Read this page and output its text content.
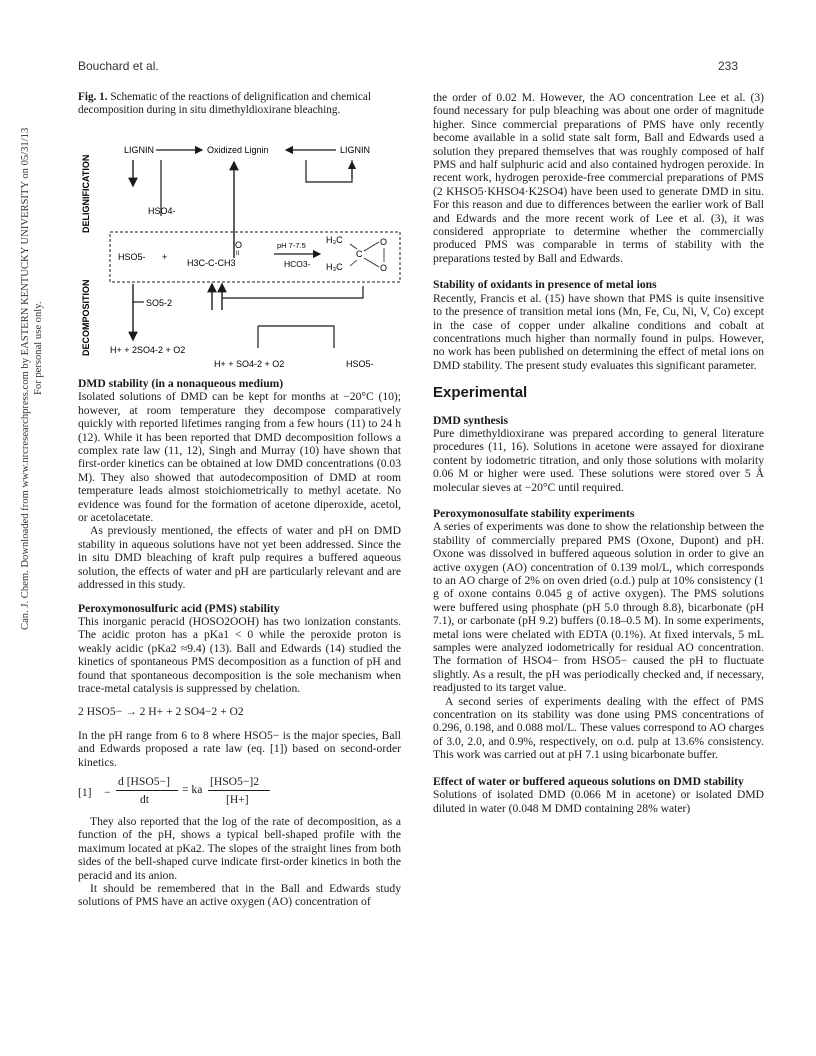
Bouchard et al.	233
Can. J. Chem. Downloaded from www.nrcresearchpress.com by EASTERN KENTUCKY UNIVERSITY on 05/31/13 For personal use only.
Fig. 1. Schematic of the reactions of delignification and chemical decomposition during in situ dimethyldioxirane bleaching.
DELIGNIFICATION
DECOMPOSITION
LIGNIN	Oxidized Lignin	LIGNIN
HSO4-
HSO5- +
O
II
H3C-C-CH3
pH 7-7.5
HCO3-
H₃C
H₃C
C
O
O
SO5-2
H+ + 2SO4-2 + O2
H+ + SO4-2 + O2	HSO5-

DMD stability (in a nonaqueous medium)

Isolated solutions of DMD can be kept for months at −20°C (10); however, at room temperature they decompose comparatively quickly with reported lifetimes ranging from a few hours (11) to 24 h (12). While it has been reported that DMD decomposition follows a complex rate law (11, 12), Singh and Murray (10) have shown that first-order kinetics can be obtained at low DMD concentrations (0.03 M). They also showed that autodecomposition of DMD at room temperature leads almost stoichiometrically to methyl acetate. No evidence was found for the formation of acetone diperoxide, acetol, or acetolacetate.

As previously mentioned, the effects of water and pH on DMD stability in aqueous solutions have not yet been addressed. Since the in situ DMD bleaching of kraft pulp requires a buffered aqueous solution, the effects of water and pH are particularly relevant and are addressed in this study.

Peroxymonosulfuric acid (PMS) stability

This inorganic peracid (HOSO2OOH) has two ionization constants. The acidic proton has a pKa1 < 0 while the peroxide proton is weakly acidic (pKa2 ≈9.4) (13). Ball and Edwards (14) studied the kinetics of spontaneous PMS decomposition as a function of pH and found that spontaneous decomposition is the sole mechanism when trace-metal catalysis is suppressed by chelation.

2 HSO5− → 2 H+ + 2 SO4−2 + O2

In the pH range from 6 to 8 where HSO5− is the major species, Ball and Edwards proposed a rate law (eq. [1]) based on second-order kinetics.

[1] −
d [HSO5−]
dt
= ka
[HSO5−]2
[H+]

They also reported that the log of the rate of decomposition, as a function of the pH, shows a typical bell-shaped profile with the maximum located at pKa2. The slopes of the straight lines from both sides of the bell-shaped curve indicate first-order kinetics in both the peracid and its anion.

It should be remembered that in the Ball and Edwards study solutions of PMS have an active oxygen (AO) concentration of

the order of 0.02 M. However, the AO concentration Lee et al. (3) found necessary for pulp bleaching was about one order of magnitude higher. Since commercial preparations of PMS have only recently become available in a solid state salt form, Ball and Edwards used a solution they prepared themselves that was roughly composed of half PMS and half sulphuric acid and also contained hydrogen peroxide. In recent work, hydrogen peroxide-free commercial preparations of PMS (2 KHSO5·KHSO4·K2SO4) have been used to generate DMD in situ. For this reason and due to differences between the earlier work of Ball and Edwards and the more recent work of Lee et al. (3), it was considered appropriate to determine whether the commercially produced PMS was comparable in terms of stability with the preparations tested by Ball and Edwards.

Stability of oxidants in presence of metal ions

Recently, Francis et al. (15) have shown that PMS is quite insensitive to the presence of transition metal ions (Mn, Fe, Cu, Ni, V, Co) except in the case of copper under alkaline conditions and cobalt at concentrations much higher than normally found in pulps. However, no work has been published on determining the effect of metal ions on DMD stability. The present study evaluates this significant parameter.

Experimental

DMD synthesis

Pure dimethyldioxirane was prepared according to general literature procedures (11, 16). Solutions in acetone were assayed for dioxirane content by iodometric titration, and only those solutions with molarity 0.06 M or higher were used. These solutions were stored over 5 Å molecular sieves at −20°C until required.

Peroxymonosulfate stability experiments

A series of experiments was done to show the relationship between the stability of commercially prepared PMS (Oxone, Dupont) and pH. Oxone was dissolved in buffered aqueous solution in order to give an active oxygen (AO) concentration of 0.139 mol/L, which corresponds to an AO charge of 2% on oven dried (o.d.) pulp at 10% consistency (1 g of oxone contains 0.045 g of active oxygen). The PMS solutions were buffered using phosphate (pH 5.0 through 8.8), bicarbonate (pH 7.1), or carbonate (pH 9.2) buffers (0.18–0.5 M). In some experiments, metal ions were chelated with EDTA (0.1%). At fixed intervals, 5 mL samples were analyzed iodometrically for residual AO concentration. The formation of HSO4− from HSO5− caused the pH to fluctuate slightly. As a result, the pH was periodically checked and, if necessary, readjusted to its target value.

A second series of experiments dealing with the effect of PMS concentration on its stability was done using PMS concentrations of 0.296, 0.198, and 0.088 mol/L. These values correspond to AO charges of 3.0, 2.0, and 0.9%, respectively, on o.d. pulp at 13.6% consistency. This work was carried out at pH 7.1 using bicarbonate buffer.

Effect of water or buffered aqueous solutions on DMD stability

Solutions of isolated DMD (0.066 M in acetone) or isolated DMD diluted in water (0.048 M DMD containing 28% water)
